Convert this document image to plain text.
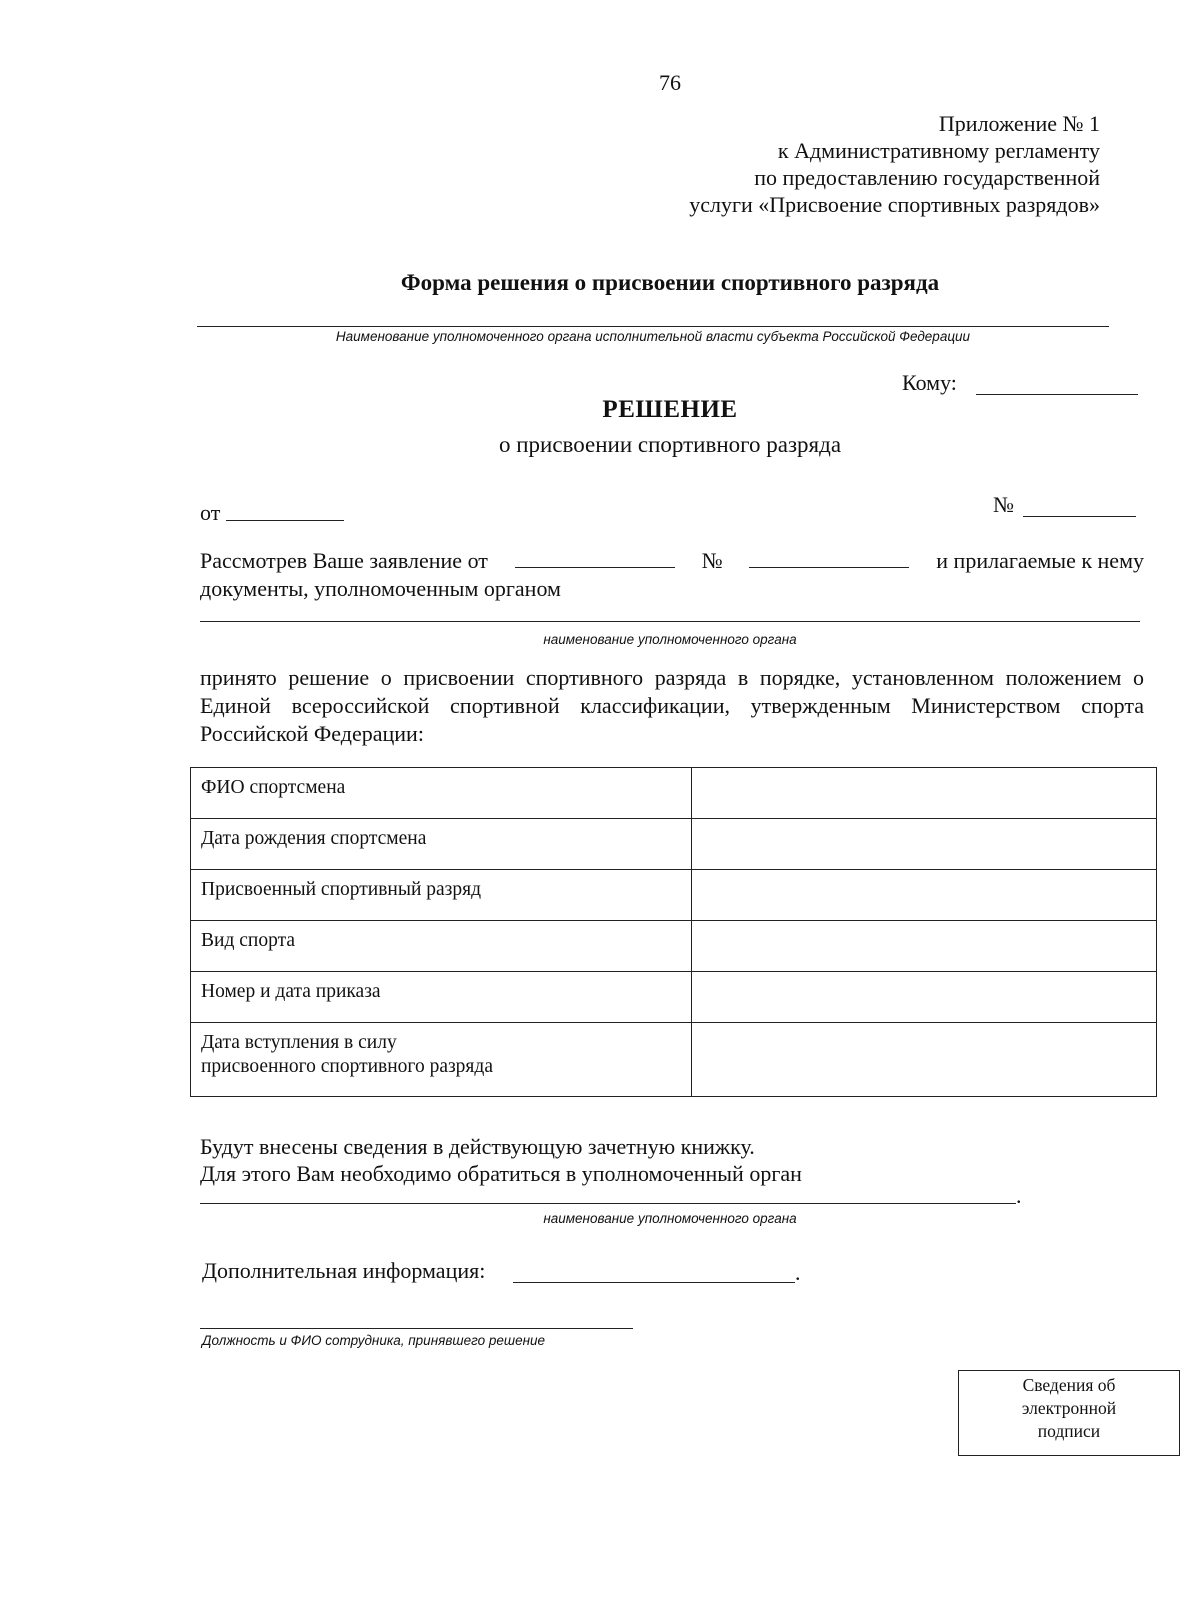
76
Приложение № 1
к Административному регламенту
по предоставлению государственной
услуги «Присвоение спортивных разрядов»
Форма решения о присвоении спортивного разряда
Наименование уполномоченного органа исполнительной власти субъекта Российской Федерации
Кому:
РЕШЕНИЕ
о присвоении спортивного разряда
от	№
Рассмотрев Ваше заявление от	№	и прилагаемые к нему
документы, уполномоченным органом
наименование уполномоченного органа
принято решение о присвоении спортивного разряда в порядке, установленном положением о Единой всероссийской спортивной классификации, утвержденным Министерством спорта Российской Федерации:
ФИО спортсмена	

Дата рождения спортсмена	

Присвоенный спортивный разряд	

Вид спорта	

Номер и дата приказа	

Дата вступления в силу
присвоенного спортивного разряда	

Будут внесены сведения в действующую зачетную книжку.
Для этого Вам необходимо обратиться в уполномоченный орган
.
наименование уполномоченного органа
Дополнительная информация:	.
Должность и ФИО сотрудника, принявшего решение
Сведения об
электронной
подписи
